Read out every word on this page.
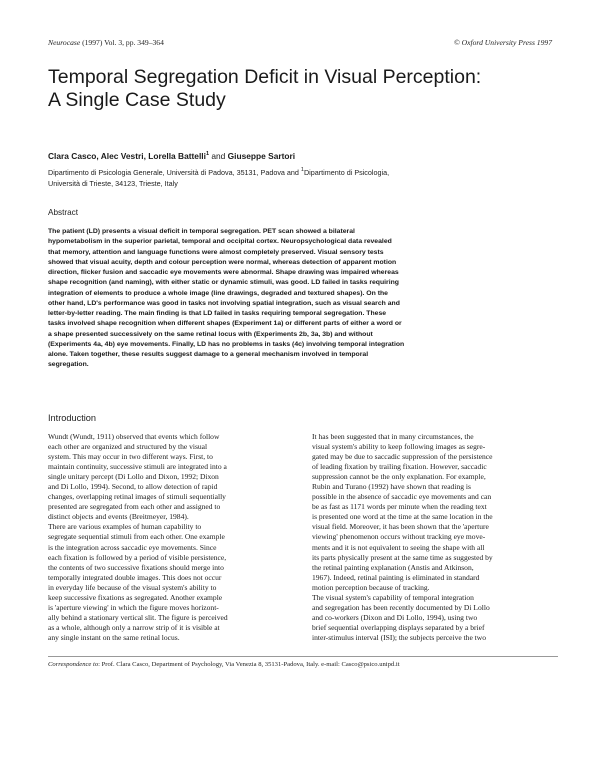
Neurocase (1997) Vol. 3, pp. 349–364	© Oxford University Press 1997
Temporal Segregation Deficit in Visual Perception:
A Single Case Study
Clara Casco, Alec Vestri, Lorella Battelli$^1$ and Giuseppe Sartori
Dipartimento di Psicologia Generale, Università di Padova, 35131, Padova and $^1$Dipartimento di Psicologia,
Università di Trieste, 34123, Trieste, Italy
Abstract
The patient (LD) presents a visual deficit in temporal segregation. PET scan showed a bilateral
hypometabolism in the superior parietal, temporal and occipital cortex. Neuropsychological data revealed
that memory, attention and language functions were almost completely preserved. Visual sensory tests
showed that visual acuity, depth and colour perception were normal, whereas detection of apparent motion
direction, flicker fusion and saccadic eye movements were abnormal. Shape drawing was impaired whereas
shape recognition (and naming), with either static or dynamic stimuli, was good. LD failed in tasks requiring
integration of elements to produce a whole image (line drawings, degraded and textured shapes). On the
other hand, LD's performance was good in tasks not involving spatial integration, such as visual search and
letter-by-letter reading. The main finding is that LD failed in tasks requiring temporal segregation. These
tasks involved shape recognition when different shapes (Experiment 1a) or different parts of either a word or
a shape presented successively on the same retinal locus with (Experiments 2b, 3a, 3b) and without
(Experiments 4a, 4b) eye movements. Finally, LD has no problems in tasks (4c) involving temporal integration
alone. Taken together, these results suggest damage to a general mechanism involved in temporal
segregation.
Introduction
Wundt (Wundt, 1911) observed that events which follow
each other are organized and structured by the visual
system. This may occur in two different ways. First, to
maintain continuity, successive stimuli are integrated into a
single unitary percept (Di Lollo and Dixon, 1992; Dixon
and Di Lollo, 1994). Second, to allow detection of rapid
changes, overlapping retinal images of stimuli sequentially
presented are segregated from each other and assigned to
distinct objects and events (Breitmeyer, 1984).
There are various examples of human capability to
segregate sequential stimuli from each other. One example
is the integration across saccadic eye movements. Since
each fixation is followed by a period of visible persistence,
the contents of two successive fixations should merge into
temporally integrated double images. This does not occur
in everyday life because of the visual system's ability to
keep successive fixations as segregated. Another example
is 'aperture viewing' in which the figure moves horizont-
ally behind a stationary vertical slit. The figure is perceived
as a whole, although only a narrow strip of it is visible at
any single instant on the same retinal locus.
It has been suggested that in many circumstances, the
visual system's ability to keep following images as segre-
gated may be due to saccadic suppression of the persistence
of leading fixation by trailing fixation. However, saccadic
suppression cannot be the only explanation. For example,
Rubin and Turano (1992) have shown that reading is
possible in the absence of saccadic eye movements and can
be as fast as 1171 words per minute when the reading text
is presented one word at the time at the same location in the
visual field. Moreover, it has been shown that the 'aperture
viewing' phenomenon occurs without tracking eye move-
ments and it is not equivalent to seeing the shape with all
its parts physically present at the same time as suggested by
the retinal painting explanation (Anstis and Atkinson,
1967). Indeed, retinal painting is eliminated in standard
motion perception because of tracking.
The visual system's capability of temporal integration
and segregation has been recently documented by Di Lollo
and co-workers (Dixon and Di Lollo, 1994), using two
brief sequential overlapping displays separated by a brief
inter-stimulus interval (ISI); the subjects perceive the two
Correspondence to: Prof. Clara Casco, Department of Psychology, Via Venezia 8, 35131-Padova, Italy. e-mail: Casco@psico.unipd.it
